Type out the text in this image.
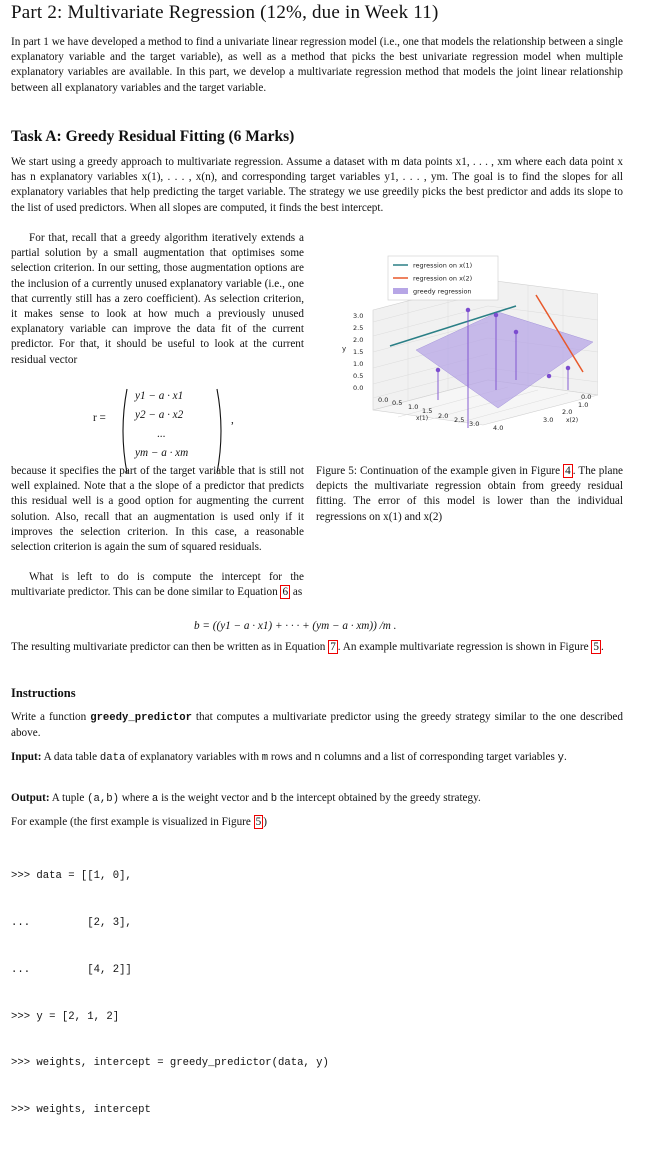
Part 2: Multivariate Regression (12%, due in Week 11)

In part 1 we have developed a method to find a univariate linear regression model (i.e., one that models the relationship between a single explanatory variable and the target variable), as well as a method that picks the best univariate regression model when multiple explanatory variables are available. In this part, we develop a multivariate regression method that models the joint linear relationship between all explanatory variables and the target variable.

Task A: Greedy Residual Fitting (6 Marks)

We start using a greedy approach to multivariate regression. Assume a dataset with m data points x1, . . . , xm where each data point x has n explanatory variables x(1), . . . , x(n), and corresponding target variables y1, . . . , ym. The goal is to find the slopes for all explanatory variables that help predicting the target variable. The strategy we use greedily picks the best predictor and adds its slope to the list of used predictors. When all slopes are computed, it finds the best intercept.

For that, recall that a greedy algorithm iteratively extends a partial solution by a small augmentation that optimises some selection criterion. In our setting, those augmentation options are the inclusion of a currently unused explanatory variable (i.e., one that currently still has a zero coefficient). As selection criterion, it makes sense to look at how much a previously unused explanatory variable can improve the data fit of the current predictor. For that, it should be useful to look at the current residual vector

r =
y1 − a · x1
y2 − a · x2
...
ym − a · xm
,

because it specifies the part of the target variable that is still not well explained. Note that a the slope of a predictor that predicts this residual well is a good option for augmenting the current solution. Also, recall that an augmentation is used only if it improves the selection criterion. In this case, a reasonable selection criterion is again the sum of squared residuals.

What is left to do is compute the intercept for the multivariate predictor. This can be done similar to Equation 6 as

b = ((y1 − a · x1) + · · · + (ym − a · xm)) /m .

The resulting multivariate predictor can then be written as in Equation 7 . An example multivariate regression is shown in Figure 5 .

3.0
2.5
2.0
1.5
1.0
0.5
0.0
y
0.0 0.5 1.0 1.5
2.0 2.5 3.0 4.0
x(1)
2.0
3.0
1.0
0.0
x(2)
regression on x(1)
regression on x(2)
greedy regression

Figure 5: Continuation of the example given in Figure 4 . The plane depicts the multivariate regression obtain from greedy residual fitting. The error of this model is lower than the individual regressions on x(1) and x(2)

Instructions

Write a function greedy_predictor that computes a multivariate predictor using the greedy strategy similar to the one described above.

Input: A data table data of explanatory variables with m rows and n columns and a list of corresponding target variables y.

Output: A tuple (a,b) where a is the weight vector and b the intercept obtained by the greedy strategy.

For example (the first example is visualized in Figure 5 )

>>> data = [[1, 0],

...         [2, 3],

...         [4, 2]]

>>> y = [2, 1, 2]

>>> weights, intercept = greedy_predictor(data, y)

>>> weights, intercept
